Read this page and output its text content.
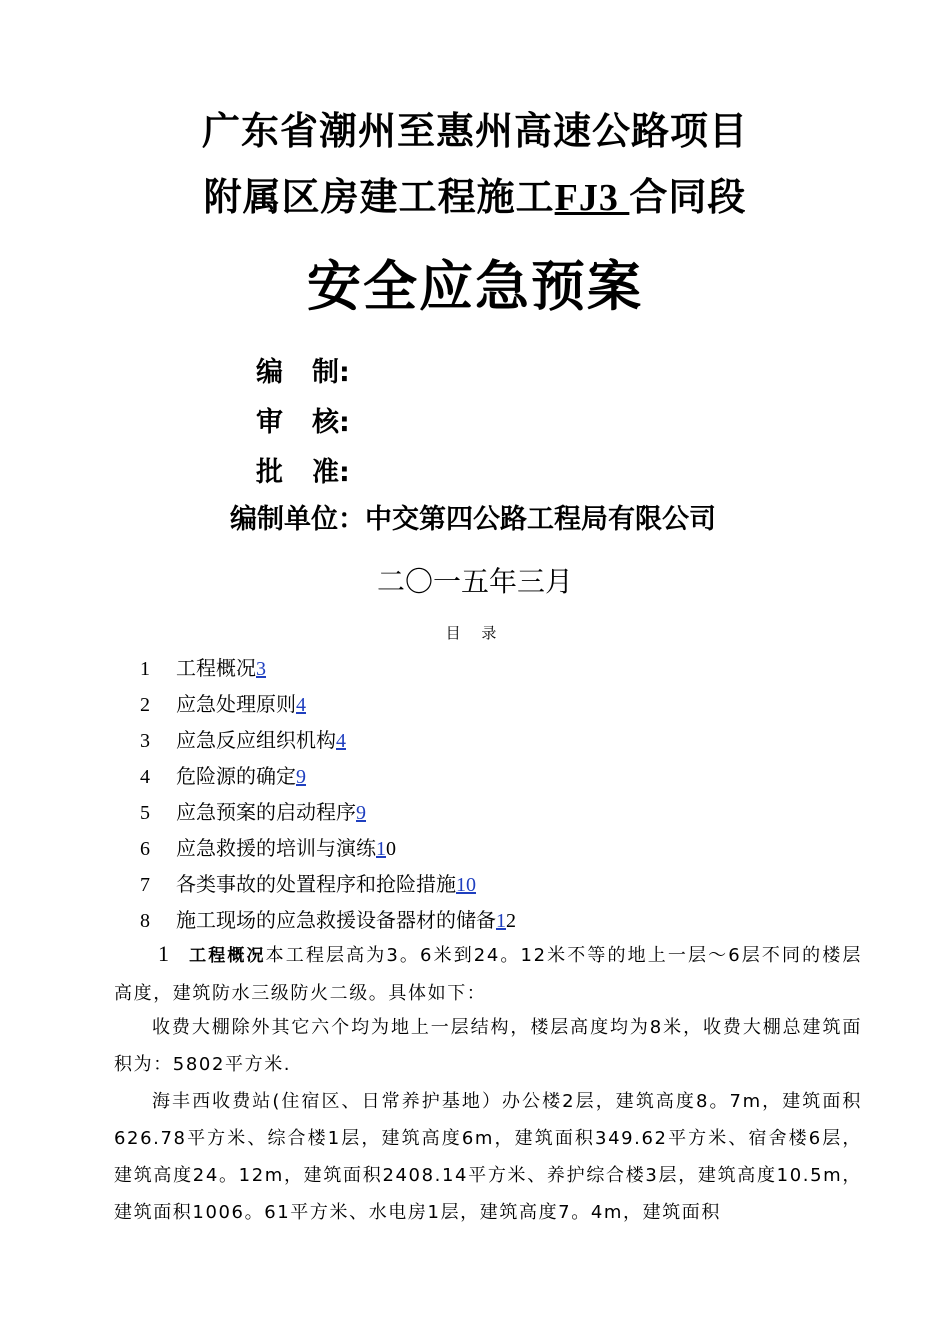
广东省潮州至惠州高速公路项目
附属区房建工程施工FJ3 合同段
安全应急预案
编 制:
审 核:
批 准:
编制单位：中交第四公路工程局有限公司
二〇一五年三月
目 录
1 工程概况3
2 应急处理原则4
3 应急反应组织机构4
4 危险源的确定9
5 应急预案的启动程序9
6 应急救援的培训与演练10
7 各类事故的处置程序和抢险措施10
8 施工现场的应急救援设备器材的储备12
1 工程概况本工程层高为3。6米到24。12米不等的地上一层～6层不同的楼层高度，建筑防水三级防火二级。具体如下：
收费大棚除外其它六个均为地上一层结构，楼层高度均为8米，收费大棚总建筑面积为：5802平方米.
海丰西收费站(住宿区、日常养护基地）办公楼2层，建筑高度8。7m，建筑面积626.78平方米、综合楼1层，建筑高度6m，建筑面积349.62平方米、宿舍楼6层，建筑高度24。12m，建筑面积2408.14平方米、养护综合楼3层，建筑高度10.5m，建筑面积1006。61平方米、水电房1层，建筑高度7。4m，建筑面积
